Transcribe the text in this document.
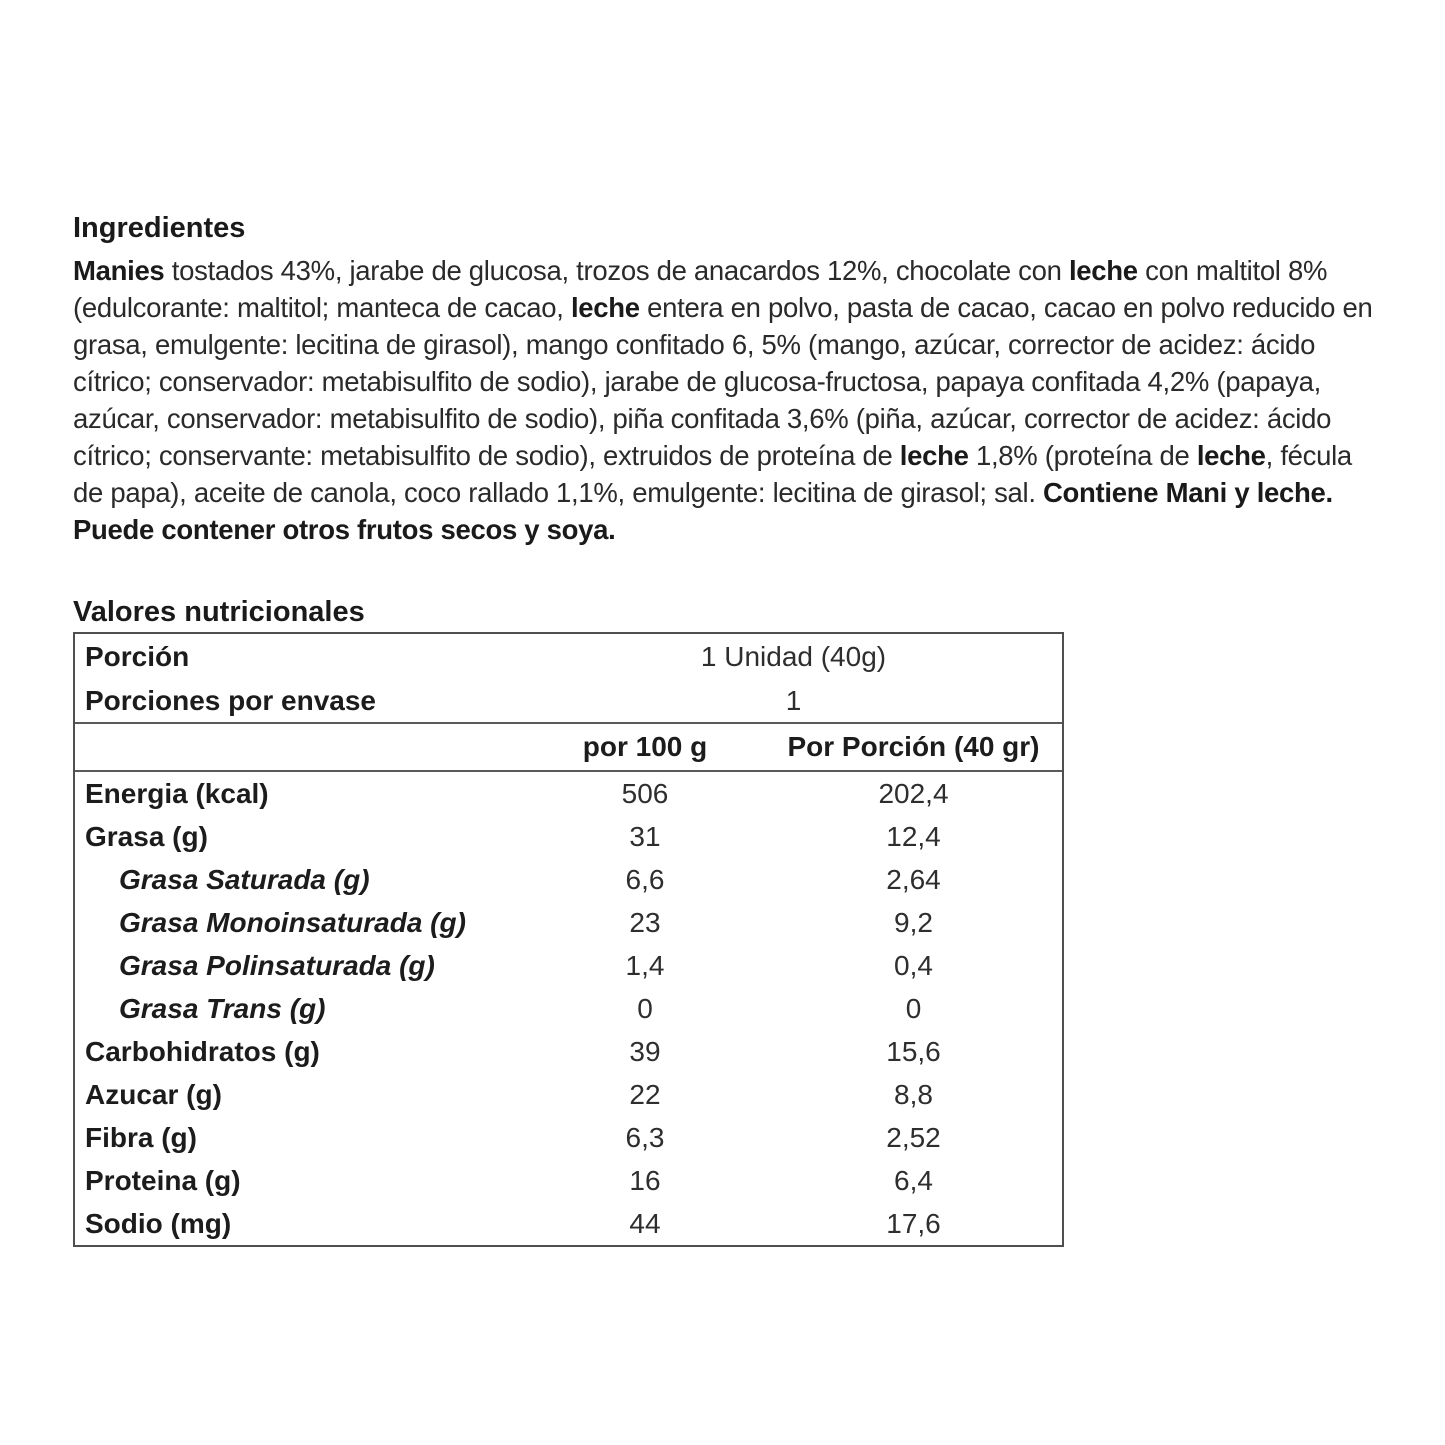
Ingredientes

Manies tostados 43%, jarabe de glucosa, trozos de anacardos 12%, chocolate con leche con maltitol 8% (edulcorante: maltitol; manteca de cacao, leche entera en polvo, pasta de cacao, cacao en polvo reducido en grasa, emulgente: lecitina de girasol), mango confitado 6, 5% (mango, azúcar, corrector de acidez: ácido cítrico; conservador: metabisulfito de sodio), jarabe de glucosa-fructosa, papaya confitada 4,2% (papaya, azúcar, conservador: metabisulfito de sodio), piña confitada 3,6% (piña, azúcar, corrector de acidez: ácido cítrico; conservante: metabisulfito de sodio), extruidos de proteína de leche 1,8% (proteína de leche, fécula de papa), aceite de canola, coco rallado 1,1%, emulgente: lecitina de girasol; sal. Contiene Mani y leche. Puede contener otros frutos secos y soya.

Valores nutricionales
Porción	1 Unidad (40g)
Porciones por envase	1
por 100 g	Por Porción (40 gr)
Energia (kcal)	506	202,4
Grasa (g)	31	12,4
Grasa Saturada (g)	6,6	2,64
Grasa Monoinsaturada (g)	23	9,2
Grasa Polinsaturada (g)	1,4	0,4
Grasa Trans (g)	0	0
Carbohidratos (g)	39	15,6
Azucar (g)	22	8,8
Fibra (g)	6,3	2,52
Proteina (g)	16	6,4
Sodio (mg)	44	17,6
